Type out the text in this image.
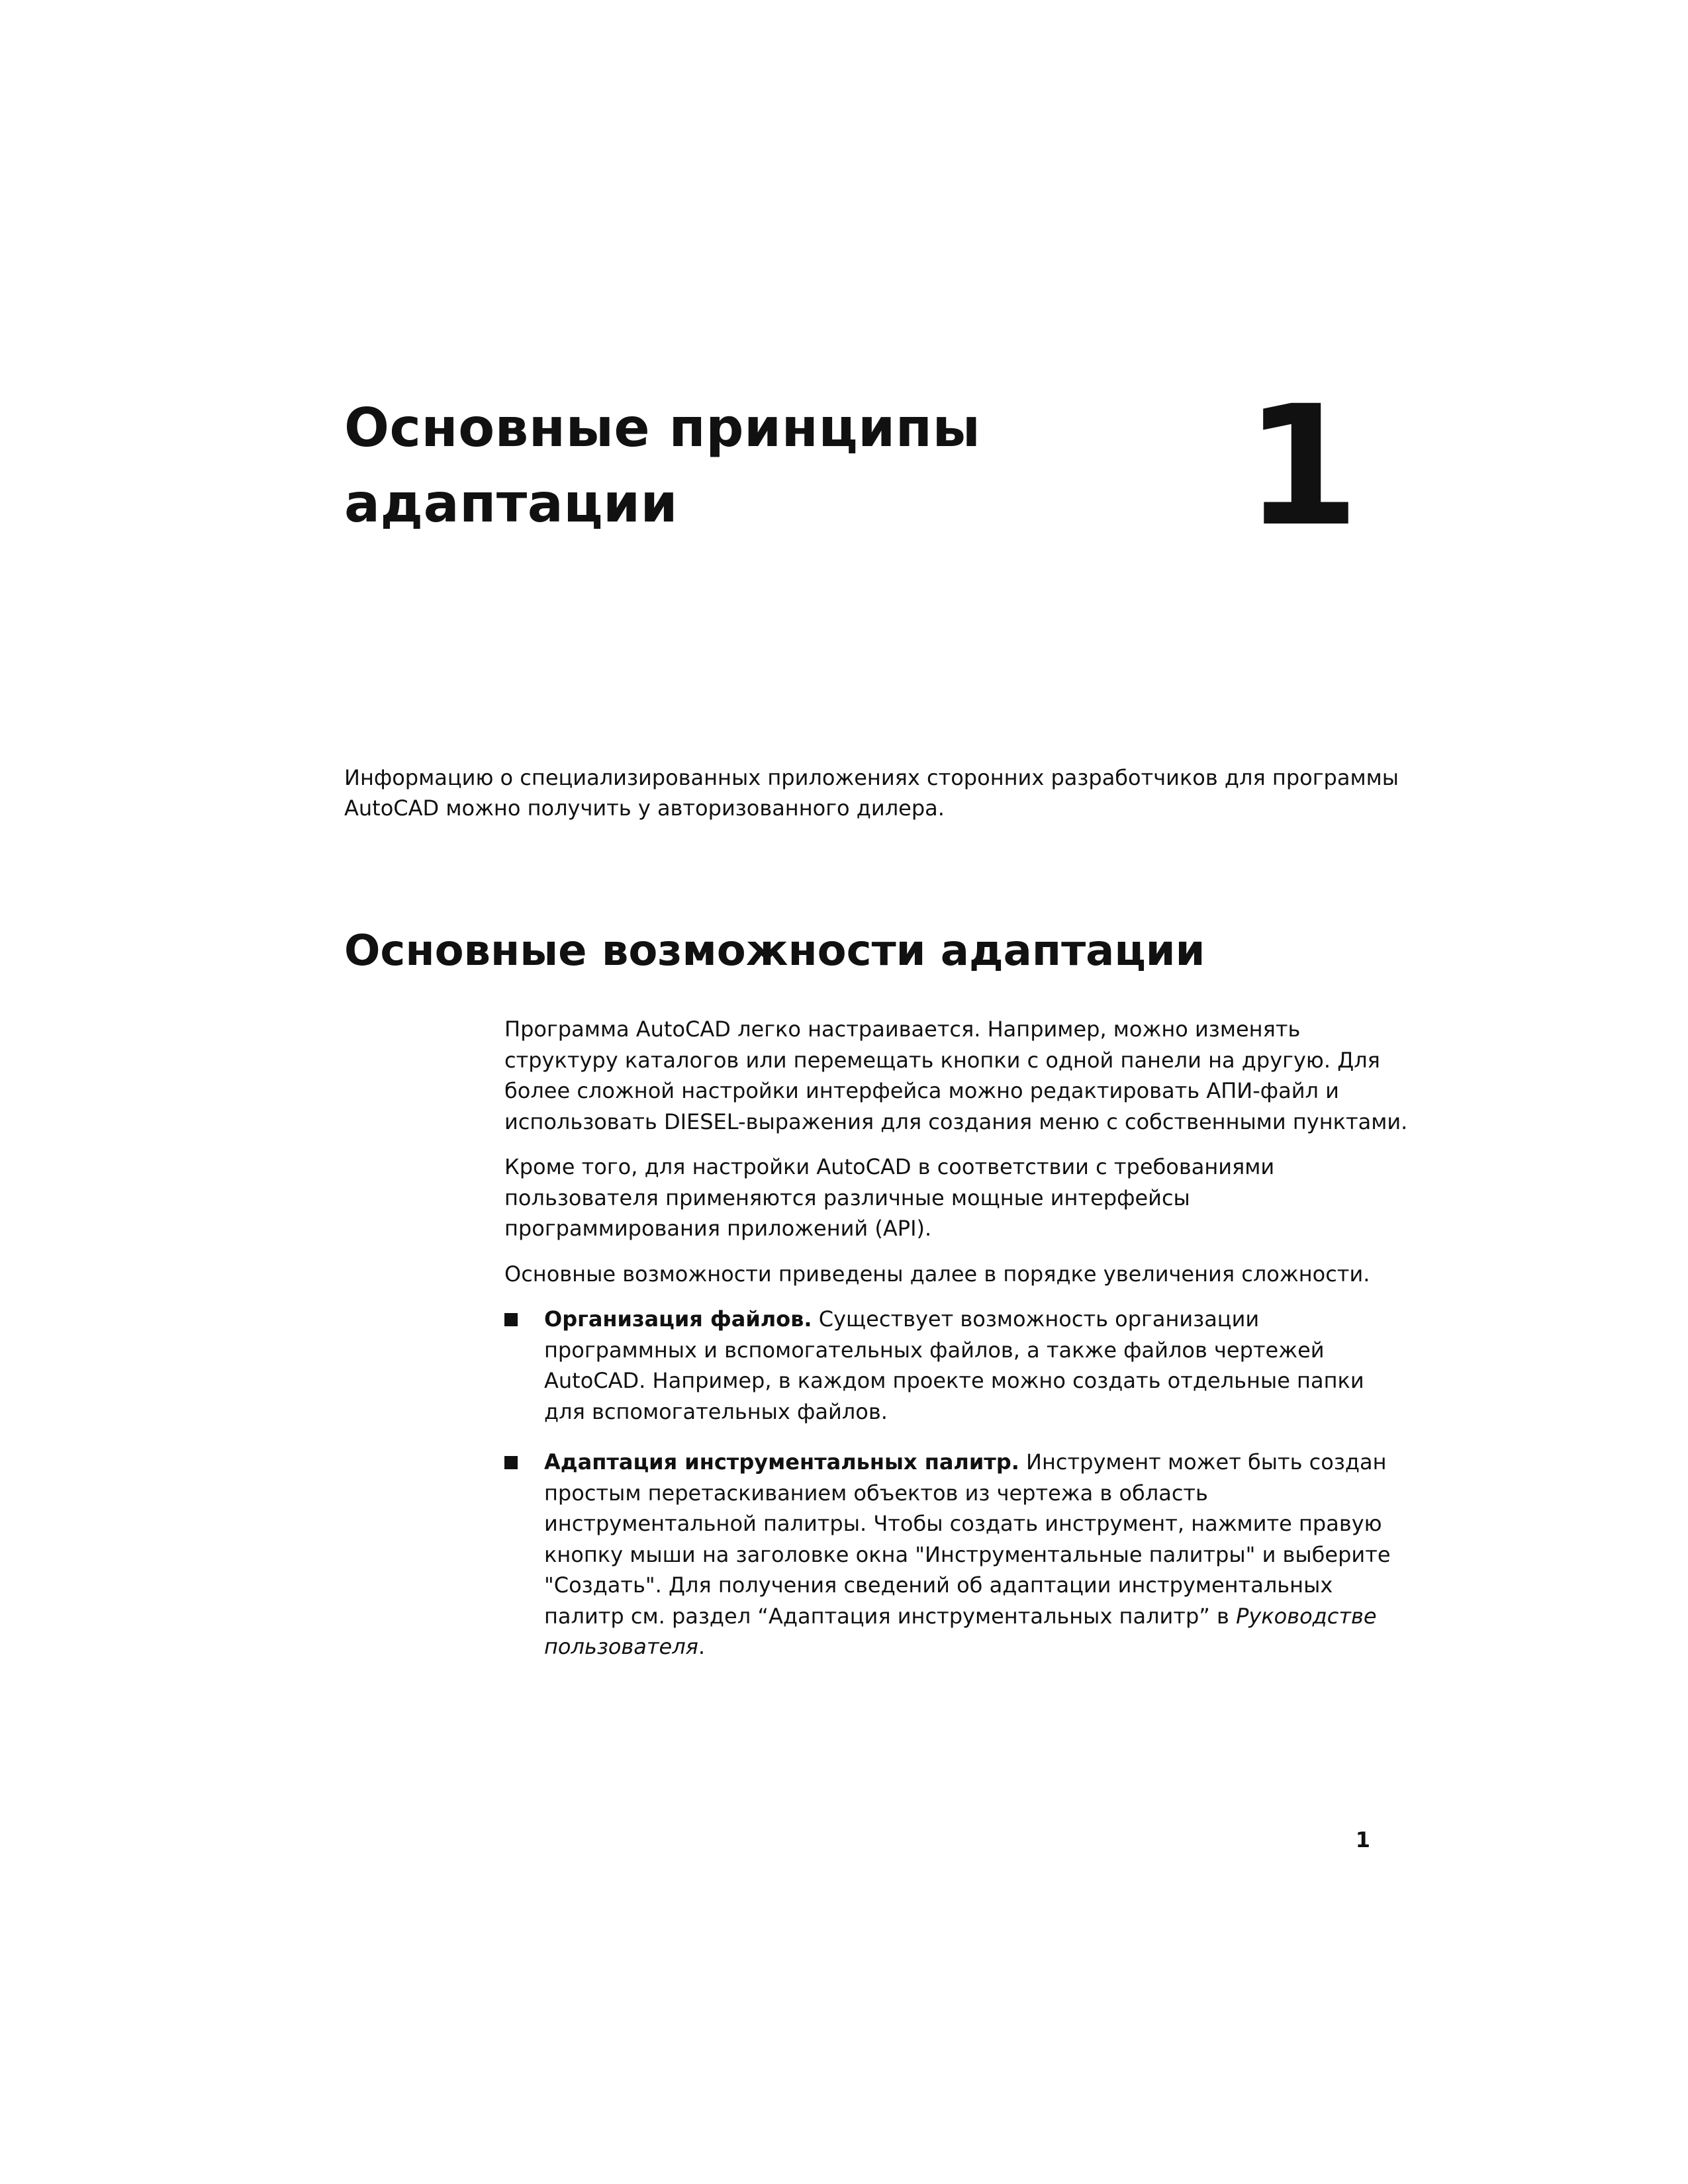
Основные принципы
адаптации	1

Информацию о специализированных приложениях сторонних разработчиков для программы AutoCAD можно получить у авторизованного дилера.

Основные возможности адаптации

Программа AutoCAD легко настраивается. Например, можно изменять структуру каталогов или перемещать кнопки с одной панели на другую. Для более сложной настройки интерфейса можно редактировать АПИ-файл и использовать DIESEL-выражения для создания меню с собственными пунктами.

Кроме того, для настройки AutoCAD в соответствии с требованиями пользователя применяются различные мощные интерфейсы программирования приложений (API).

Основные возможности приведены далее в порядке увеличения сложности.

Организация файлов. Существует возможность организации программных и вспомогательных файлов, а также файлов чертежей AutoCAD. Например, в каждом проекте можно создать отдельные папки для вспомогательных файлов.
Адаптация инструментальных палитр. Инструмент может быть создан простым перетаскиванием объектов из чертежа в область инструментальной палитры. Чтобы создать инструмент, нажмите правую кнопку мыши на заголовке окна "Инструментальные палитры" и выберите "Создать". Для получения сведений об адаптации инструментальных палитр см. раздел “Адаптация инструментальных палитр” в Руководстве пользователя.
1
